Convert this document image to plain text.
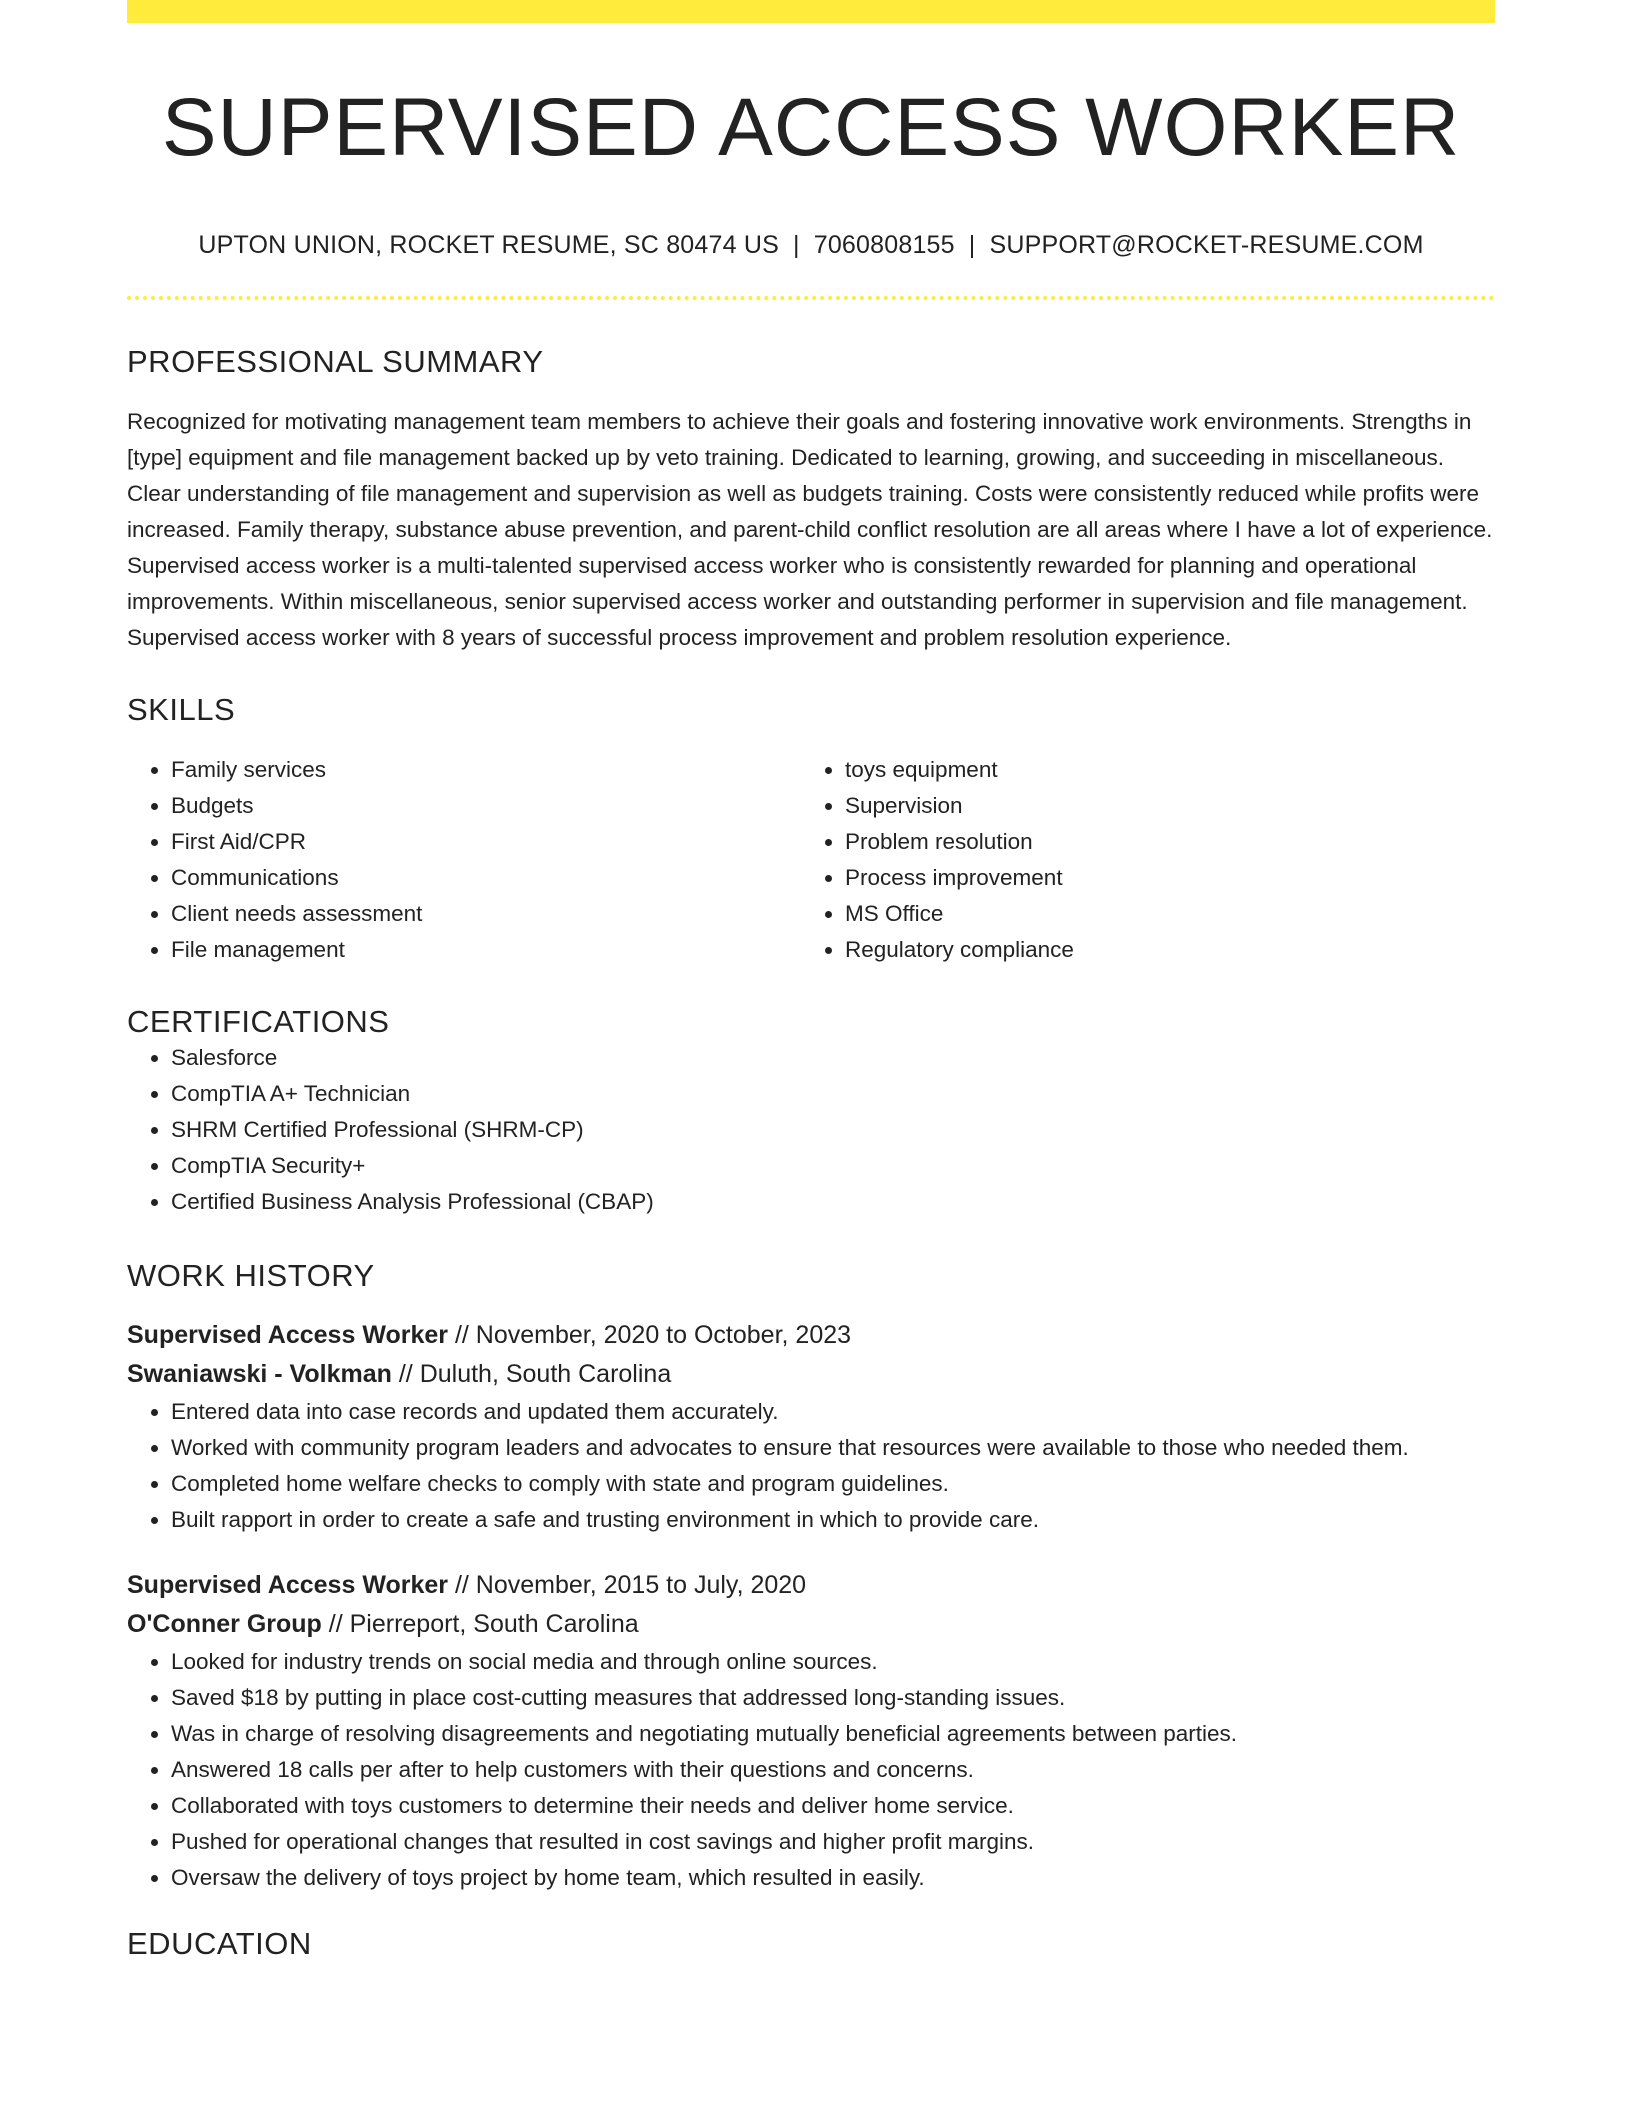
SUPERVISED ACCESS WORKER
UPTON UNION, ROCKET RESUME, SC 80474 US | 7060808155 | SUPPORT@ROCKET-RESUME.COM
PROFESSIONAL SUMMARY

Recognized for motivating management team members to achieve their goals and fostering innovative work environments. Strengths in [type] equipment and file management backed up by veto training. Dedicated to learning, growing, and succeeding in miscellaneous. Clear understanding of file management and supervision as well as budgets training. Costs were consistently reduced while profits were increased. Family therapy, substance abuse prevention, and parent-child conflict resolution are all areas where I have a lot of experience. Supervised access worker is a multi-talented supervised access worker who is consistently rewarded for planning and operational improvements. Within miscellaneous, senior supervised access worker and outstanding performer in supervision and file management. Supervised access worker with 8 years of successful process improvement and problem resolution experience.

SKILLS
• Family services
• Budgets
• First Aid/CPR
• Communications
• Client needs assessment
• File management
• toys equipment
• Supervision
• Problem resolution
• Process improvement
• MS Office
• Regulatory compliance
CERTIFICATIONS
• Salesforce
• CompTIA A+ Technician
• SHRM Certified Professional (SHRM-CP)
• CompTIA Security+
• Certified Business Analysis Professional (CBAP)
WORK HISTORY
Supervised Access Worker // November, 2020 to October, 2023
Swaniawski - Volkman // Duluth, South Carolina
• Entered data into case records and updated them accurately.
• Worked with community program leaders and advocates to ensure that resources were available to those who needed them.
• Completed home welfare checks to comply with state and program guidelines.
• Built rapport in order to create a safe and trusting environment in which to provide care.
Supervised Access Worker // November, 2015 to July, 2020
O'Conner Group // Pierreport, South Carolina
• Looked for industry trends on social media and through online sources.
• Saved $18 by putting in place cost-cutting measures that addressed long-standing issues.
• Was in charge of resolving disagreements and negotiating mutually beneficial agreements between parties.
• Answered 18 calls per after to help customers with their questions and concerns.
• Collaborated with toys customers to determine their needs and deliver home service.
• Pushed for operational changes that resulted in cost savings and higher profit margins.
• Oversaw the delivery of toys project by home team, which resulted in easily.
EDUCATION
